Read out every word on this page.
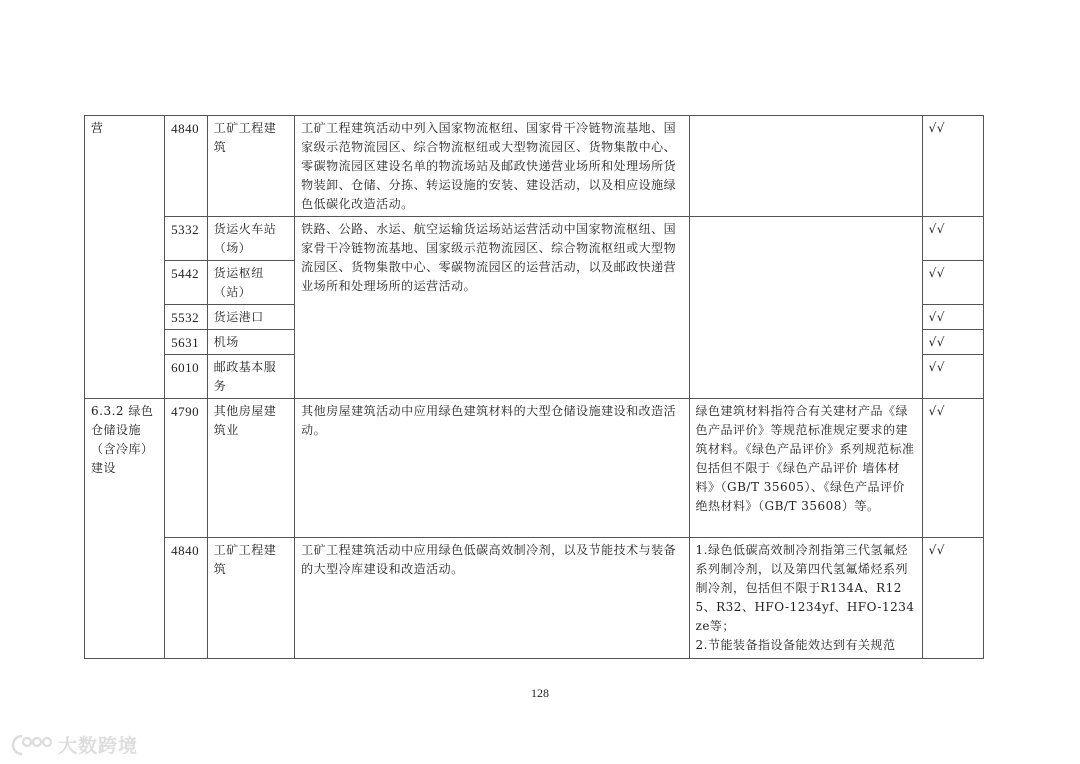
营	4840	工矿工程建筑	工矿工程建筑活动中列入国家物流枢纽、国家骨干冷链物流基地、国家级示范物流园区、综合物流枢纽或大型物流园区、货物集散中心、零碳物流园区建设名单的物流场站及邮政快递营业场所和处理场所货物装卸、仓储、分拣、转运设施的安装、建设活动，以及相应设施绿色低碳化改造活动。		√√
	5332	货运火车站（场）	铁路、公路、水运、航空运输货运场站运营活动中国家物流枢纽、国家骨干冷链物流基地、国家级示范物流园区、综合物流枢纽或大型物流园区、货物集散中心、零碳物流园区的运营活动，以及邮政快递营业场所和处理场所的运营活动。		√√
	5442	货运枢纽（站）			√√
	5532	货运港口			√√
	5631	机场			√√
	6010	邮政基本服务			√√
6.3.2 绿色仓储设施（含冷库）建设	4790	其他房屋建筑业	其他房屋建筑活动中应用绿色建筑材料的大型仓储设施建设和改造活动。	绿色建筑材料指符合有关建材产品《绿色产品评价》等规范标准规定要求的建筑材料。《绿色产品评价》系列规范标准包括但不限于《绿色产品评价 墙体材料》（GB/T 35605）、《绿色产品评价 绝热材料》（GB/T 35608）等。	√√
	4840	工矿工程建筑	工矿工程建筑活动中应用绿色低碳高效制冷剂，以及节能技术与装备的大型冷库建设和改造活动。	1.绿色低碳高效制冷剂指第三代氢氟烃系列制冷剂，以及第四代氢氟烯烃系列制冷剂，包括但不限于R134A、R125、R32、HFO-1234yf、HFO-1234ze等；
2.节能装备指设备能效达到有关规范	√√
128
大数跨境
